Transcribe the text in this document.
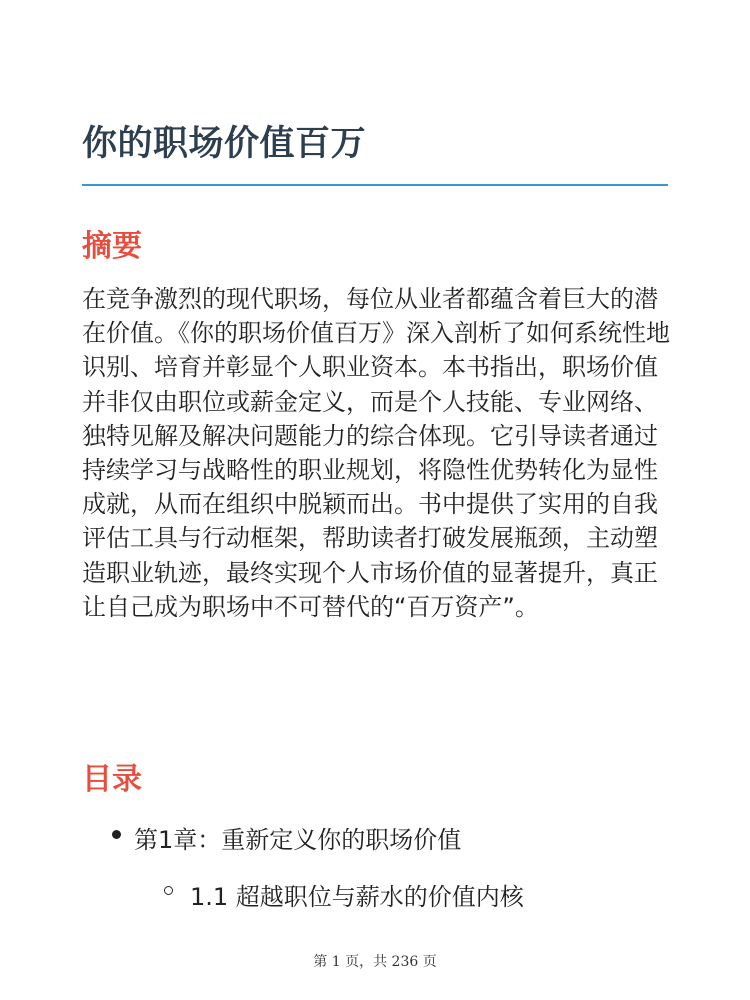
你的职场价值百万
摘要
在竞争激烈的现代职场，每位从业者都蕴含着巨大的潜在价值。《你的职场价值百万》深入剖析了如何系统性地识别、培育并彰显个人职业资本。本书指出，职场价值并非仅由职位或薪金定义，而是个人技能、专业网络、独特见解及解决问题能力的综合体现。它引导读者通过持续学习与战略性的职业规划，将隐性优势转化为显性成就，从而在组织中脱颖而出。书中提供了实用的自我评估工具与行动框架，帮助读者打破发展瓶颈，主动塑造职业轨迹，最终实现个人市场价值的显著提升，真正让自己成为职场中不可替代的“百万资产”。
目录
第1章：重新定义你的职场价值
1.1 超越职位与薪水的价值内核
第 1 页，共 236 页
